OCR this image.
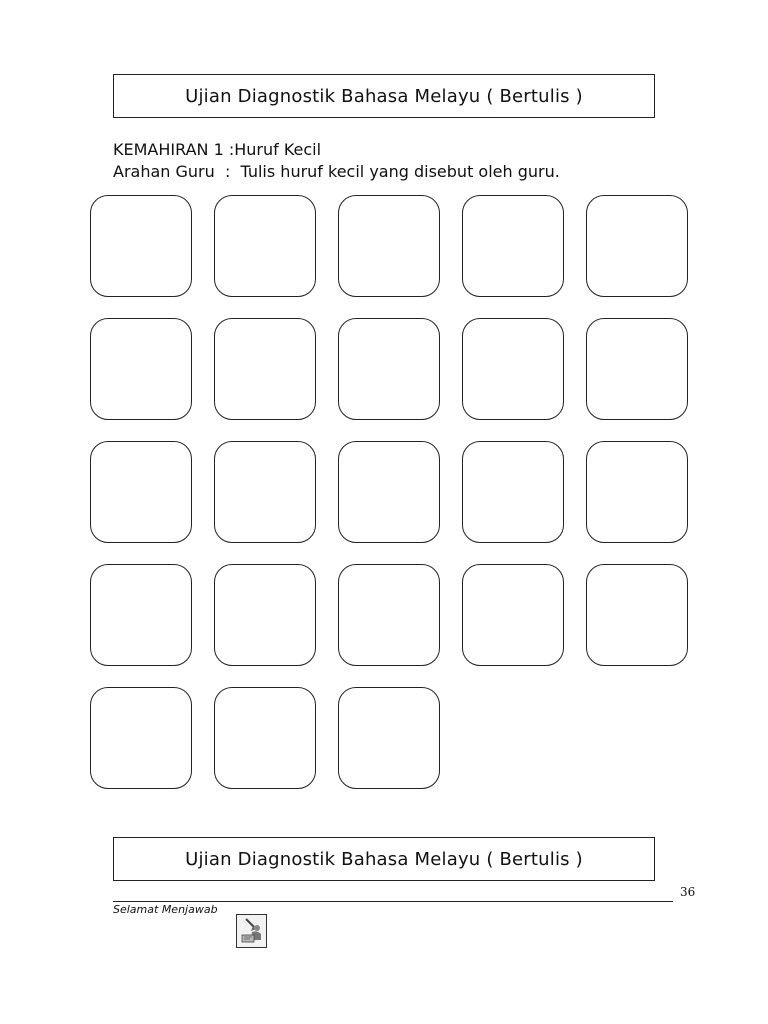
Ujian Diagnostik Bahasa Melayu ( Bertulis )
KEMAHIRAN 1 :Huruf Kecil
Arahan Guru : Tulis huruf kecil yang disebut oleh guru.
Ujian Diagnostik Bahasa Melayu ( Bertulis )
36
Selamat Menjawab
